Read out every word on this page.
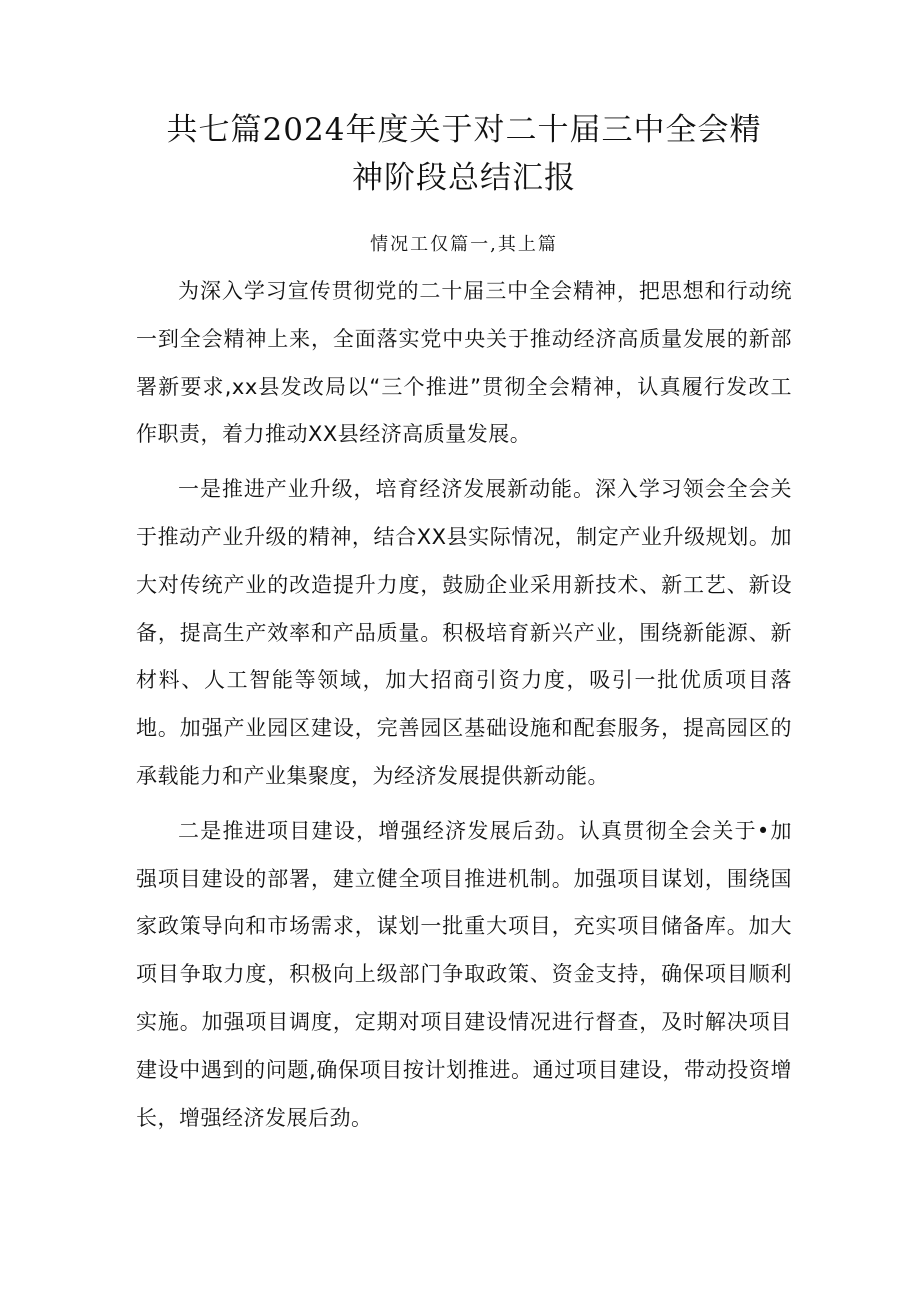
共七篇2024年度关于对二十届三中全会精
神阶段总结汇报
情况工仅篇一,其上篇

为深入学习宣传贯彻党的二十届三中全会精神，把思想和行动统一到全会精神上来，全面落实党中央关于推动经济高质量发展的新部署新要求,xx县发改局以“三个推进”贯彻全会精神，认真履行发改工作职责，着力推动XX县经济高质量发展。

一是推进产业升级，培育经济发展新动能。深入学习领会全会关于推动产业升级的精神，结合XX县实际情况，制定产业升级规划。加大对传统产业的改造提升力度，鼓励企业采用新技术、新工艺、新设备，提高生产效率和产品质量。积极培育新兴产业，围绕新能源、新材料、人工智能等领域，加大招商引资力度，吸引一批优质项目落地。加强产业园区建设，完善园区基础设施和配套服务，提高园区的承载能力和产业集聚度，为经济发展提供新动能。

二是推进项目建设，增强经济发展后劲。认真贯彻全会关于•加强项目建设的部署，建立健全项目推进机制。加强项目谋划，围绕国家政策导向和市场需求，谋划一批重大项目，充实项目储备库。加大项目争取力度，积极向上级部门争取政策、资金支持，确保项目顺利实施。加强项目调度，定期对项目建设情况进行督查，及时解决项目建设中遇到的问题,确保项目按计划推进。通过项目建设，带动投资增长，增强经济发展后劲。
